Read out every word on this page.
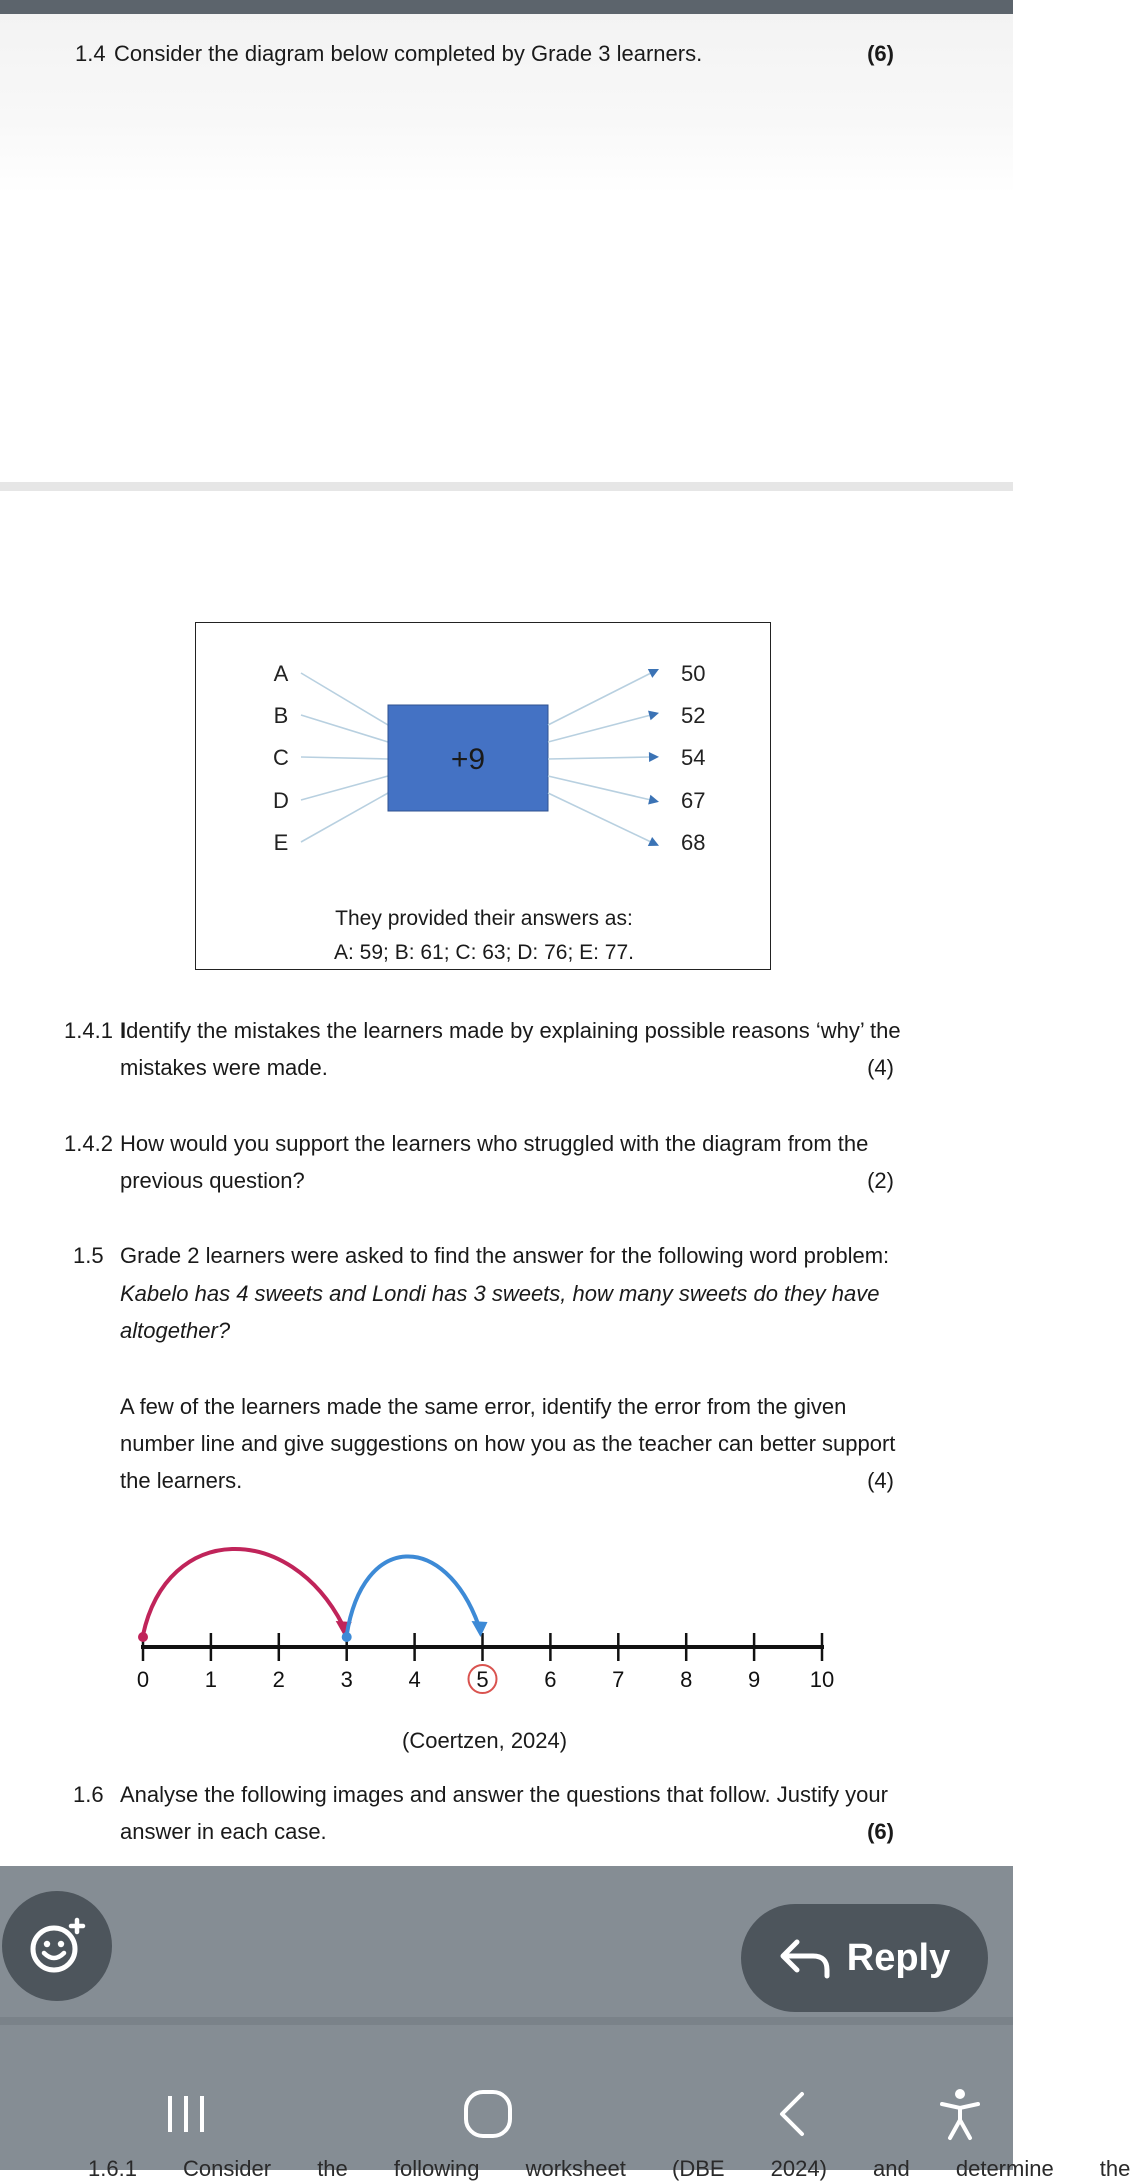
1.4 Consider the diagram below completed by Grade 3 learners.	(6)
A
B
C
D
E
+9
50
52
54
67
68
They provided their answers as:
A: 59; B: 61; C: 63; D: 76; E: 77.
1.4.1 Identify the mistakes the learners made by explaining possible reasons ‘why’ the
mistakes were made.	(4)
1.4.2 How would you support the learners who struggled with the diagram from the
previous question?	(2)
1.5 Grade 2 learners were asked to find the answer for the following word problem:
Kabelo has 4 sweets and Londi has 3 sweets, how many sweets do they have
altogether?
A few of the learners made the same error, identify the error from the given
number line and give suggestions on how you as the teacher can better support
the learners.	(4)
0	1	2	3	4	5	6	7	8	9 10
(Coertzen, 2024)
1.6 Analyse the following images and answer the questions that follow. Justify your
answer in each case.	(6)
Reply
1.6.1 Consider the following worksheet (DBE 2024) and determine the
